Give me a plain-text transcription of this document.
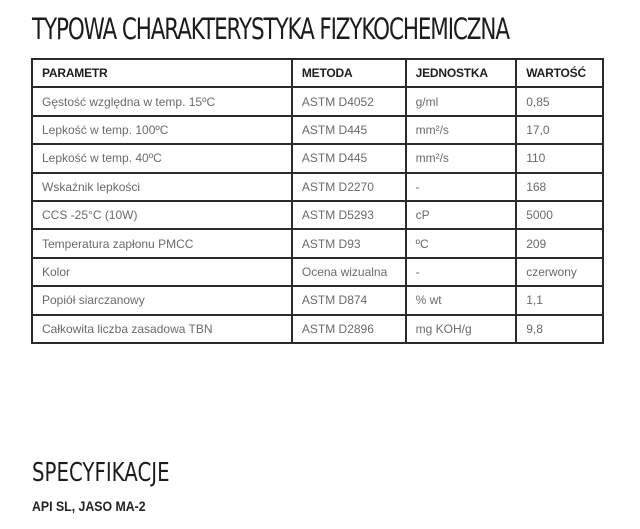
TYPOWA CHARAKTERYSTYKA FIZYKOCHEMICZNA
PARAMETR	METODA	JEDNOSTKA	WARTOŚĆ
Gęstość względna w temp. 15ºC	ASTM D4052	g/ml	0,85
Lepkość w temp. 100ºC	ASTM D445	mm²/s	17,0
Lepkość w temp. 40ºC	ASTM D445	mm²/s	110
Wskaźnik lepkości	ASTM D2270	-	168
CCS -25°C (10W)	ASTM D5293	cP	5000
Temperatura zapłonu PMCC	ASTM D93	ºC	209
Kolor	Ocena wizualna	-	czerwony
Popiół siarczanowy	ASTM D874	% wt	1,1
Całkowita liczba zasadowa TBN	ASTM D2896	mg KOH/g	9,8
SPECYFIKACJE
API SL, JASO MA-2
